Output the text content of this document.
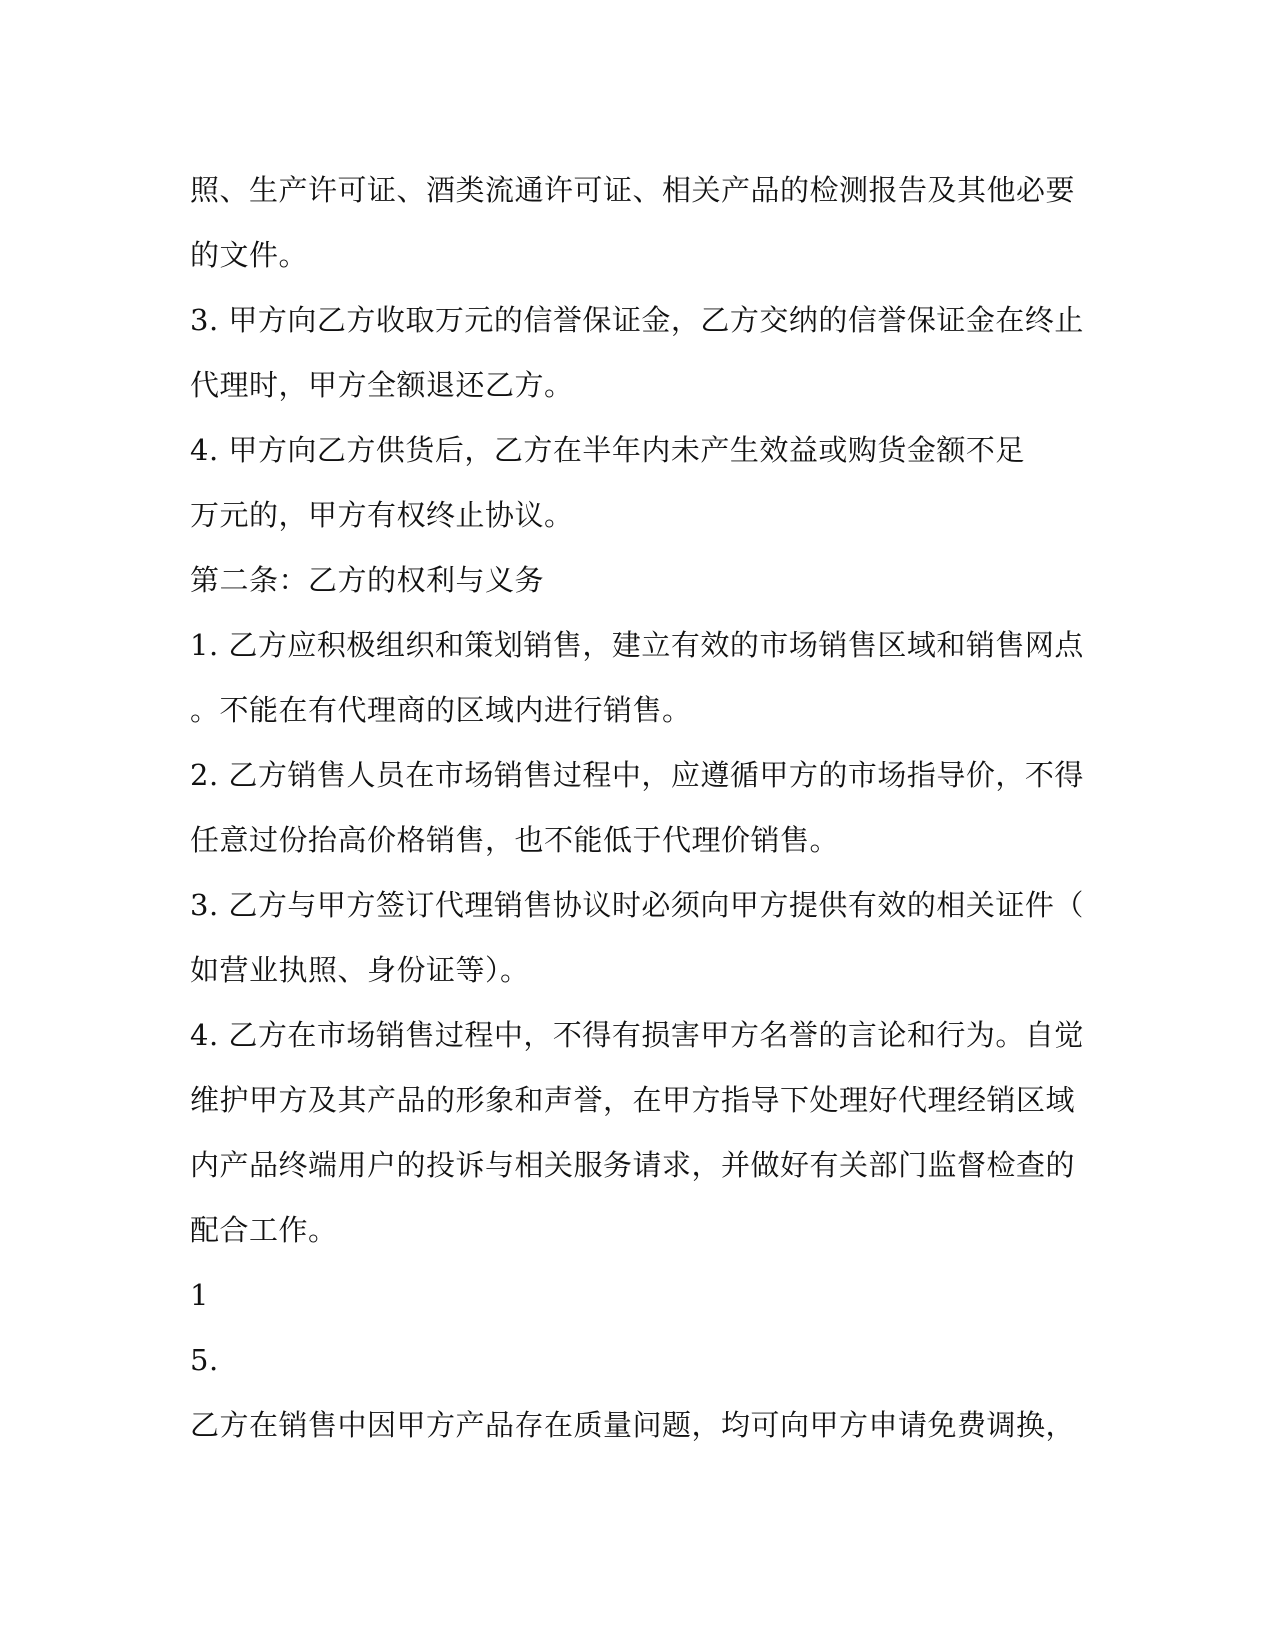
照、生产许可证、酒类流通许可证、相关产品的检测报告及其他必要
的文件。
3. 甲方向乙方收取万元的信誉保证金，乙方交纳的信誉保证金在终止
代理时，甲方全额退还乙方。
4. 甲方向乙方供货后，乙方在半年内未产生效益或购货金额不足
万元的，甲方有权终止协议。
第二条：乙方的权利与义务
1. 乙方应积极组织和策划销售，建立有效的市场销售区域和销售网点
。不能在有代理商的区域内进行销售。
2. 乙方销售人员在市场销售过程中，应遵循甲方的市场指导价，不得
任意过份抬高价格销售，也不能低于代理价销售。
3. 乙方与甲方签订代理销售协议时必须向甲方提供有效的相关证件（
如营业执照、身份证等）。
4. 乙方在市场销售过程中，不得有损害甲方名誉的言论和行为。自觉
维护甲方及其产品的形象和声誉，在甲方指导下处理好代理经销区域
内产品终端用户的投诉与相关服务请求，并做好有关部门监督检查的
配合工作。
1
5.
乙方在销售中因甲方产品存在质量问题，均可向甲方申请免费调换，
